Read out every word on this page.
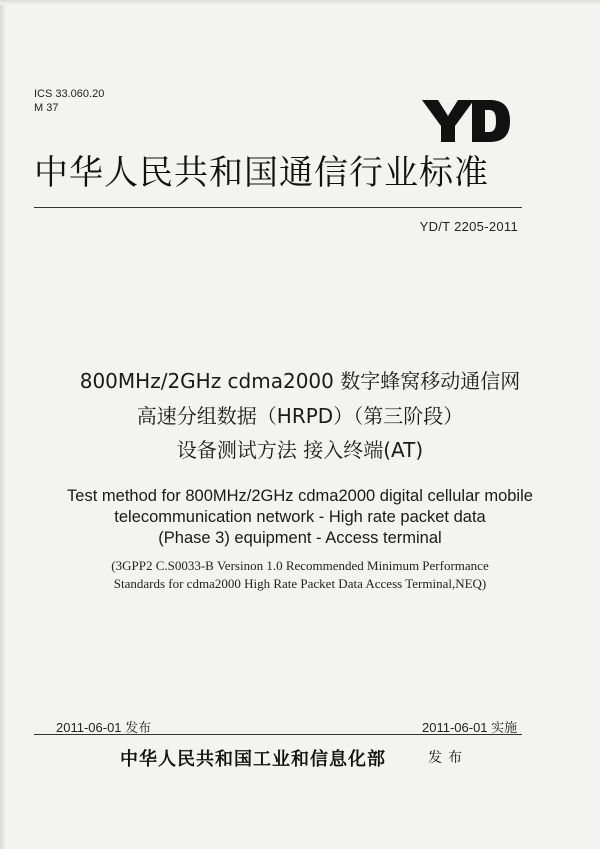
ICS 33.060.20
M 37
中华人民共和国通信行业标准
YD/T 2205-2011
800MHz/2GHz cdma2000 数字蜂窝移动通信网
高速分组数据（HRPD）（第三阶段）
设备测试方法 接入终端(AT)
Test method for 800MHz/2GHz cdma2000 digital cellular mobile
telecommunication network - High rate packet data
(Phase 3) equipment - Access terminal
(3GPP2 C.S0033-B Versinon 1.0 Recommended Minimum Performance
Standards for cdma2000 High Rate Packet Data Access Terminal,NEQ)
2011-06-01 发布	2011-06-01 实施
中华人民共和国工业和信息化部	发布
